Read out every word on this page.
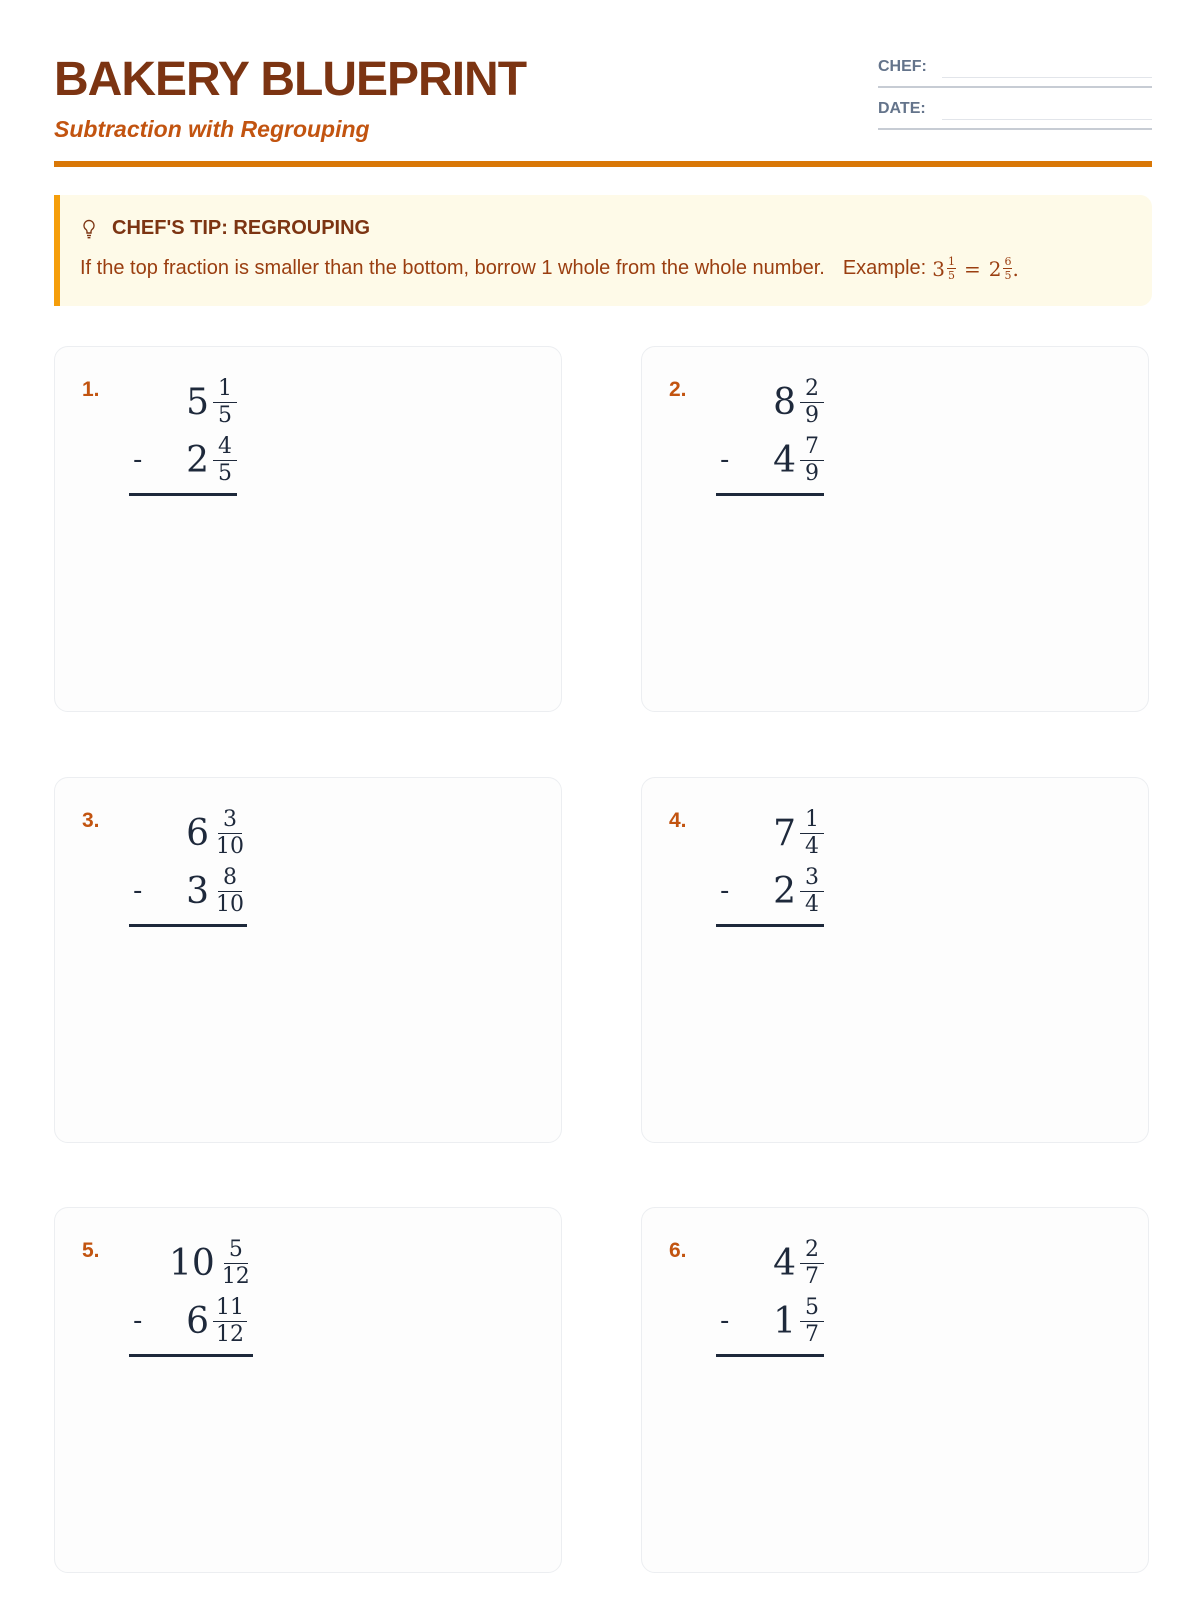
BAKERY BLUEPRINT
Subtraction with Regrouping
CHEF:
DATE:
CHEF'S TIP: REGROUPING
If the top fraction is smaller than the bottom, borrow 1 whole from the whole number. Example: $3 \frac{1}{5} = 2 \frac{6}{5}$ .
1.	$5 \frac{1}{5}$
-	$2 \frac{4}{5}$
2.	$8 \frac{2}{9}$
-	$4 \frac{7}{9}$
3.	$6 \frac{3}{10}$
-	$3 \frac{8}{10}$
4.	$7 \frac{1}{4}$
-	$2 \frac{3}{4}$
5. $10 \frac{5}{12}$
-	$6 \frac{11}{12}$
6.	$4 \frac{2}{7}$
-	$1 \frac{5}{7}$
